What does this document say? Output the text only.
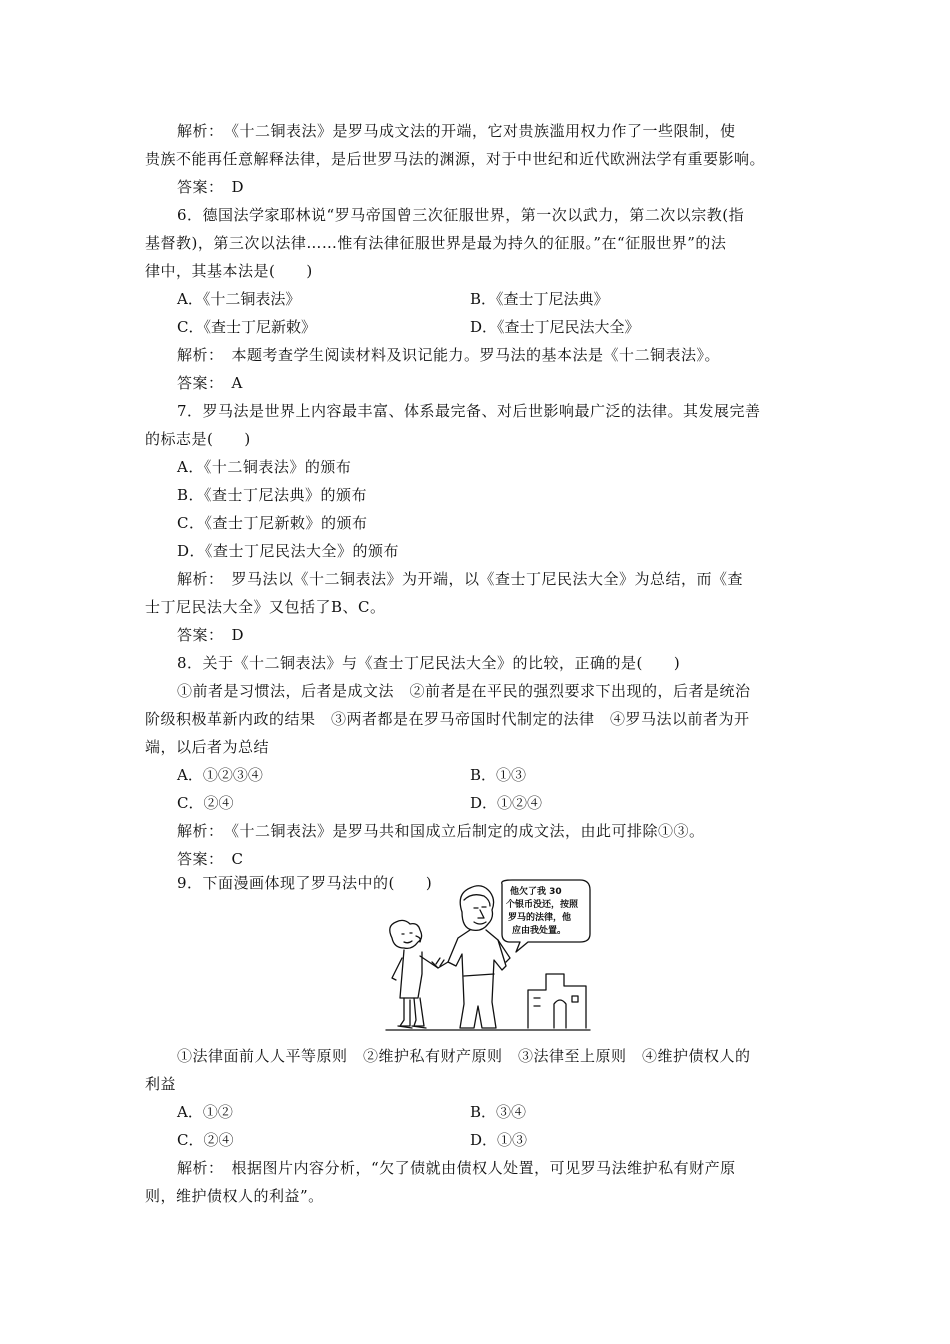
解析：　《十二铜表法》是罗马成文法的开端，它对贵族滥用权力作了一些限制，使
贵族不能再任意解释法律，是后世罗马法的渊源，对于中世纪和近代欧洲法学有重要影响。
答案：　D
6．德国法学家耶林说“罗马帝国曾三次征服世界，第一次以武力，第二次以宗教(指
基督教)，第三次以法律……惟有法律征服世界是最为持久的征服。”在“征服世界”的法
律中，其基本法是(　　)
A．《十二铜表法》	B．《查士丁尼法典》
C．《查士丁尼新敕》	D．《查士丁尼民法大全》
解析：　本题考查学生阅读材料及识记能力。罗马法的基本法是《十二铜表法》。
答案：　A
7．罗马法是世界上内容最丰富、体系最完备、对后世影响最广泛的法律。其发展完善
的标志是(　　)
A．《十二铜表法》的颁布
B．《查士丁尼法典》的颁布
C．《查士丁尼新敕》的颁布
D．《查士丁尼民法大全》的颁布
解析：　罗马法以《十二铜表法》为开端，以《查士丁尼民法大全》为总结，而《查
士丁尼民法大全》又包括了B、C。
答案：　D
8．关于《十二铜表法》与《查士丁尼民法大全》的比较，正确的是(　　)
①前者是习惯法，后者是成文法　②前者是在平民的强烈要求下出现的，后者是统治
阶级积极革新内政的结果　③两者都是在罗马帝国时代制定的法律　④罗马法以前者为开
端，以后者为总结
A．①②③④	B．①③
C．②④	D．①②④
解析：　《十二铜表法》是罗马共和国成立后制定的成文法，由此可排除①③。
答案：　C
9．下面漫画体现了罗马法中的(　　)	他欠了我 30
个银币没还，按照
罗马的法律，他
应由我处置。
①法律面前人人平等原则　②维护私有财产原则　③法律至上原则　④维护债权人的
利益
A．①②	B．③④
C．②④	D．①③
解析：　根据图片内容分析，“欠了债就由债权人处置，可见罗马法维护私有财产原
则，维护债权人的利益”。
